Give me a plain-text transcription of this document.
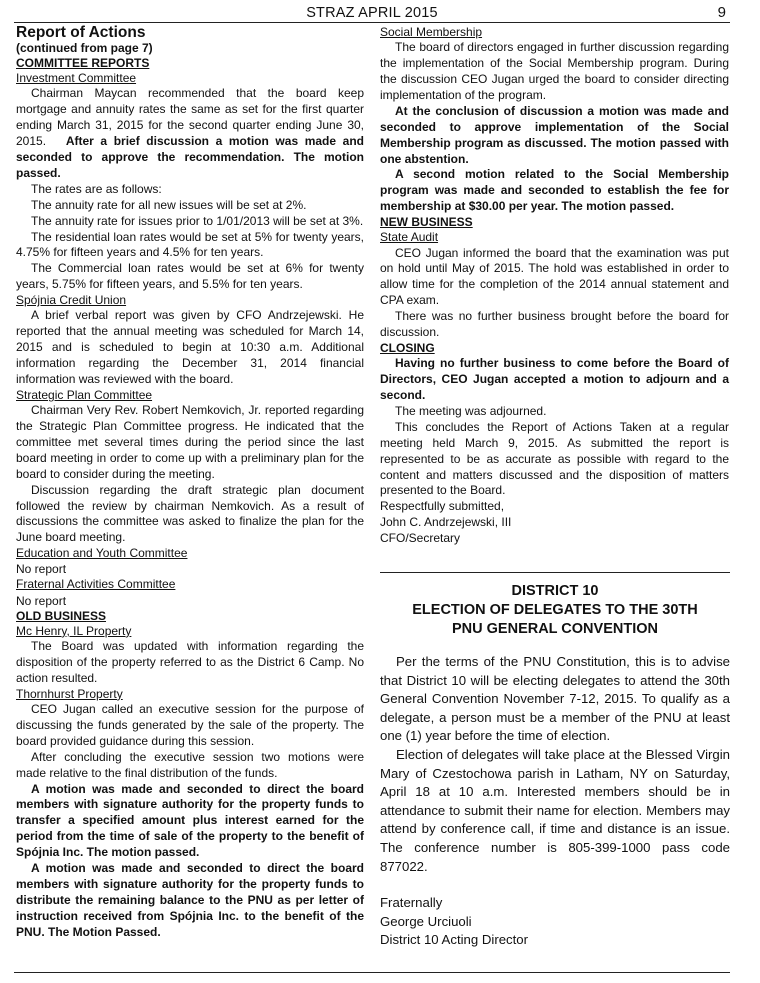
STRAZ APRIL 2015	9
Report of Actions
(continued from page 7)
COMMITTEE REPORTS
Investment Committee

Chairman Maycan recommended that the board keep mortgage and annuity rates the same as set for the first quarter ending March 31, 2015 for the second quarter ending June 30, 2015. After a brief discussion a motion was made and seconded to approve the recommendation. The motion passed.

The rates are as follows:

The annuity rate for all new issues will be set at 2%.

The annuity rate for issues prior to 1/01/2013 will be set at 3%.

The residential loan rates would be set at 5% for twenty years, 4.75% for fifteen years and 4.5% for ten years.

The Commercial loan rates would be set at 6% for twenty years, 5.75% for fifteen years, and 5.5% for ten years.

Spójnia Credit Union

A brief verbal report was given by CFO Andrzejewski. He reported that the annual meeting was scheduled for March 14, 2015 and is scheduled to begin at 10:30 a.m. Additional information regarding the December 31, 2014 financial information was reviewed with the board.

Strategic Plan Committee

Chairman Very Rev. Robert Nemkovich, Jr. reported regarding the Strategic Plan Committee progress. He indicated that the committee met several times during the period since the last board meeting in order to come up with a preliminary plan for the board to consider during the meeting.

Discussion regarding the draft strategic plan document followed the review by chairman Nemkovich. As a result of discussions the committee was asked to finalize the plan for the June board meeting.

Education and Youth Committee

No report

Fraternal Activities Committee

No report

OLD BUSINESS
Mc Henry, IL Property

The Board was updated with information regarding the disposition of the property referred to as the District 6 Camp. No action resulted.

Thornhurst Property

CEO Jugan called an executive session for the purpose of discussing the funds generated by the sale of the property. The board provided guidance during this session.

After concluding the executive session two motions were made relative to the final distribution of the funds.

A motion was made and seconded to direct the board members with signature authority for the property funds to transfer a specified amount plus interest earned for the period from the time of sale of the property to the benefit of Spójnia Inc. The motion passed.

A motion was made and seconded to direct the board members with signature authority for the property funds to distribute the remaining balance to the PNU as per letter of instruction received from Spójnia Inc. to the benefit of the PNU. The Motion Passed.

Social Membership

The board of directors engaged in further discussion regarding the implementation of the Social Membership program. During the discussion CEO Jugan urged the board to consider directing implementation of the program.

At the conclusion of discussion a motion was made and seconded to approve implementation of the Social Membership program as discussed. The motion passed with one abstention.

A second motion related to the Social Membership program was made and seconded to establish the fee for membership at $30.00 per year. The motion passed.

NEW BUSINESS
State Audit

CEO Jugan informed the board that the examination was put on hold until May of 2015. The hold was established in order to allow time for the completion of the 2014 annual statement and CPA exam.

There was no further business brought before the board for discussion.

CLOSING

Having no further business to come before the Board of Directors, CEO Jugan accepted a motion to adjourn and a second.

The meeting was adjourned.

This concludes the Report of Actions Taken at a regular meeting held March 9, 2015. As submitted the report is represented to be as accurate as possible with regard to the content and matters discussed and the disposition of matters presented to the Board.

Respectfully submitted,
John C. Andrzejewski, III
CFO/Secretary
DISTRICT 10
ELECTION OF DELEGATES TO THE 30TH
PNU GENERAL CONVENTION

Per the terms of the PNU Constitution, this is to advise that District 10 will be electing delegates to attend the 30th General Convention November 7-12, 2015. To qualify as a delegate, a person must be a member of the PNU at least one (1) year before the time of election.

Election of delegates will take place at the Blessed Virgin Mary of Czestochowa parish in Latham, NY on Saturday, April 18 at 10 a.m. Interested members should be in attendance to submit their name for election. Members may attend by conference call, if time and distance is an issue. The conference number is 805-399-1000 pass code 877022.

Fraternally
George Urciuoli
District 10 Acting Director
